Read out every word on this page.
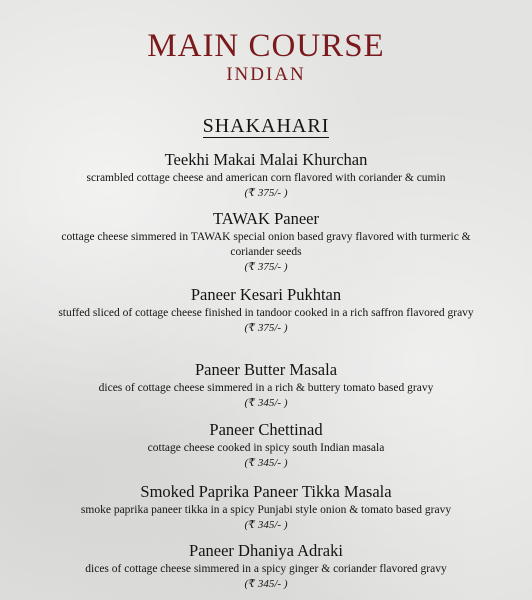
MAIN COURSE
INDIAN
SHAKAHARI
Teekhi Makai Malai Khurchan
scrambled cottage cheese and american corn flavored with coriander & cumin
(₹ 375/- )
TAWAK Paneer
cottage cheese simmered in TAWAK special onion based gravy flavored with turmeric & coriander seeds
(₹ 375/- )
Paneer Kesari Pukhtan
stuffed sliced of cottage cheese finished in tandoor cooked in a rich saffron flavored gravy
(₹ 375/- )
Paneer Butter Masala
dices of cottage cheese simmered in a rich & buttery tomato based gravy
(₹ 345/- )
Paneer Chettinad
cottage cheese cooked in spicy south Indian masala
(₹ 345/- )
Smoked Paprika Paneer Tikka Masala
smoke paprika paneer tikka in a spicy Punjabi style onion & tomato based gravy
(₹ 345/- )
Paneer Dhaniya Adraki
dices of cottage cheese simmered in a spicy ginger & coriander flavored gravy
(₹ 345/- )
